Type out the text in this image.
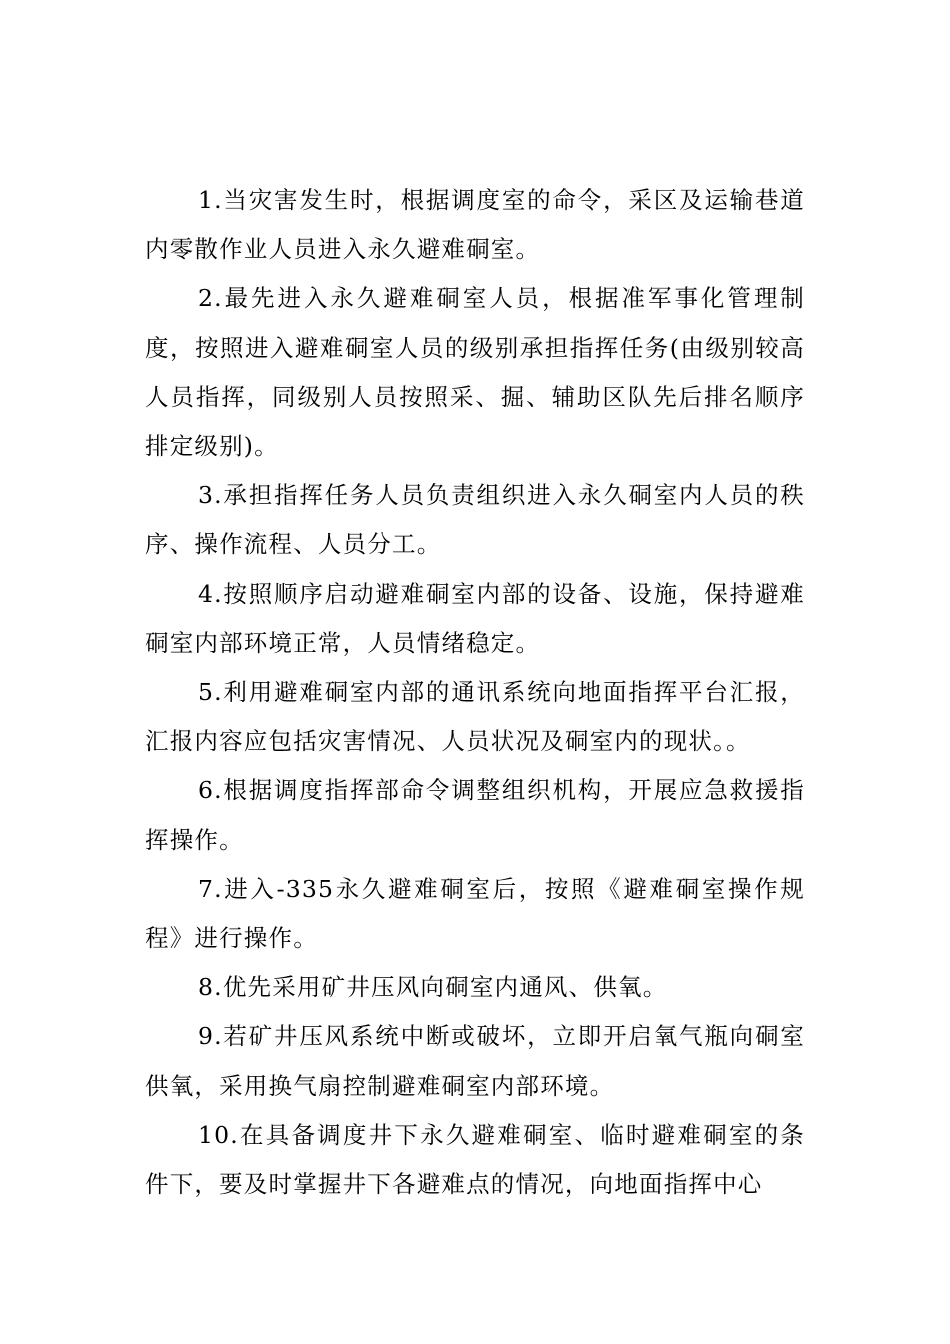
1.当灾害发生时，根据调度室的命令，采区及运输巷道内零散作业人员进入永久避难硐室。

2.最先进入永久避难硐室人员，根据准军事化管理制度，按照进入避难硐室人员的级别承担指挥任务(由级别较高人员指挥，同级别人员按照采、掘、辅助区队先后排名顺序排定级别)。

3.承担指挥任务人员负责组织进入永久硐室内人员的秩序、操作流程、人员分工。

4.按照顺序启动避难硐室内部的设备、设施，保持避难硐室内部环境正常，人员情绪稳定。

5.利用避难硐室内部的通讯系统向地面指挥平台汇报，汇报内容应包括灾害情况、人员状况及硐室内的现状。。

6.根据调度指挥部命令调整组织机构，开展应急救援指挥操作。

7.进入-335永久避难硐室后，按照《避难硐室操作规程》进行操作。

8.优先采用矿井压风向硐室内通风、供氧。

9.若矿井压风系统中断或破坏，立即开启氧气瓶向硐室供氧，采用换气扇控制避难硐室内部环境。

10.在具备调度井下永久避难硐室、临时避难硐室的条件下，要及时掌握井下各避难点的情况，向地面指挥中心
